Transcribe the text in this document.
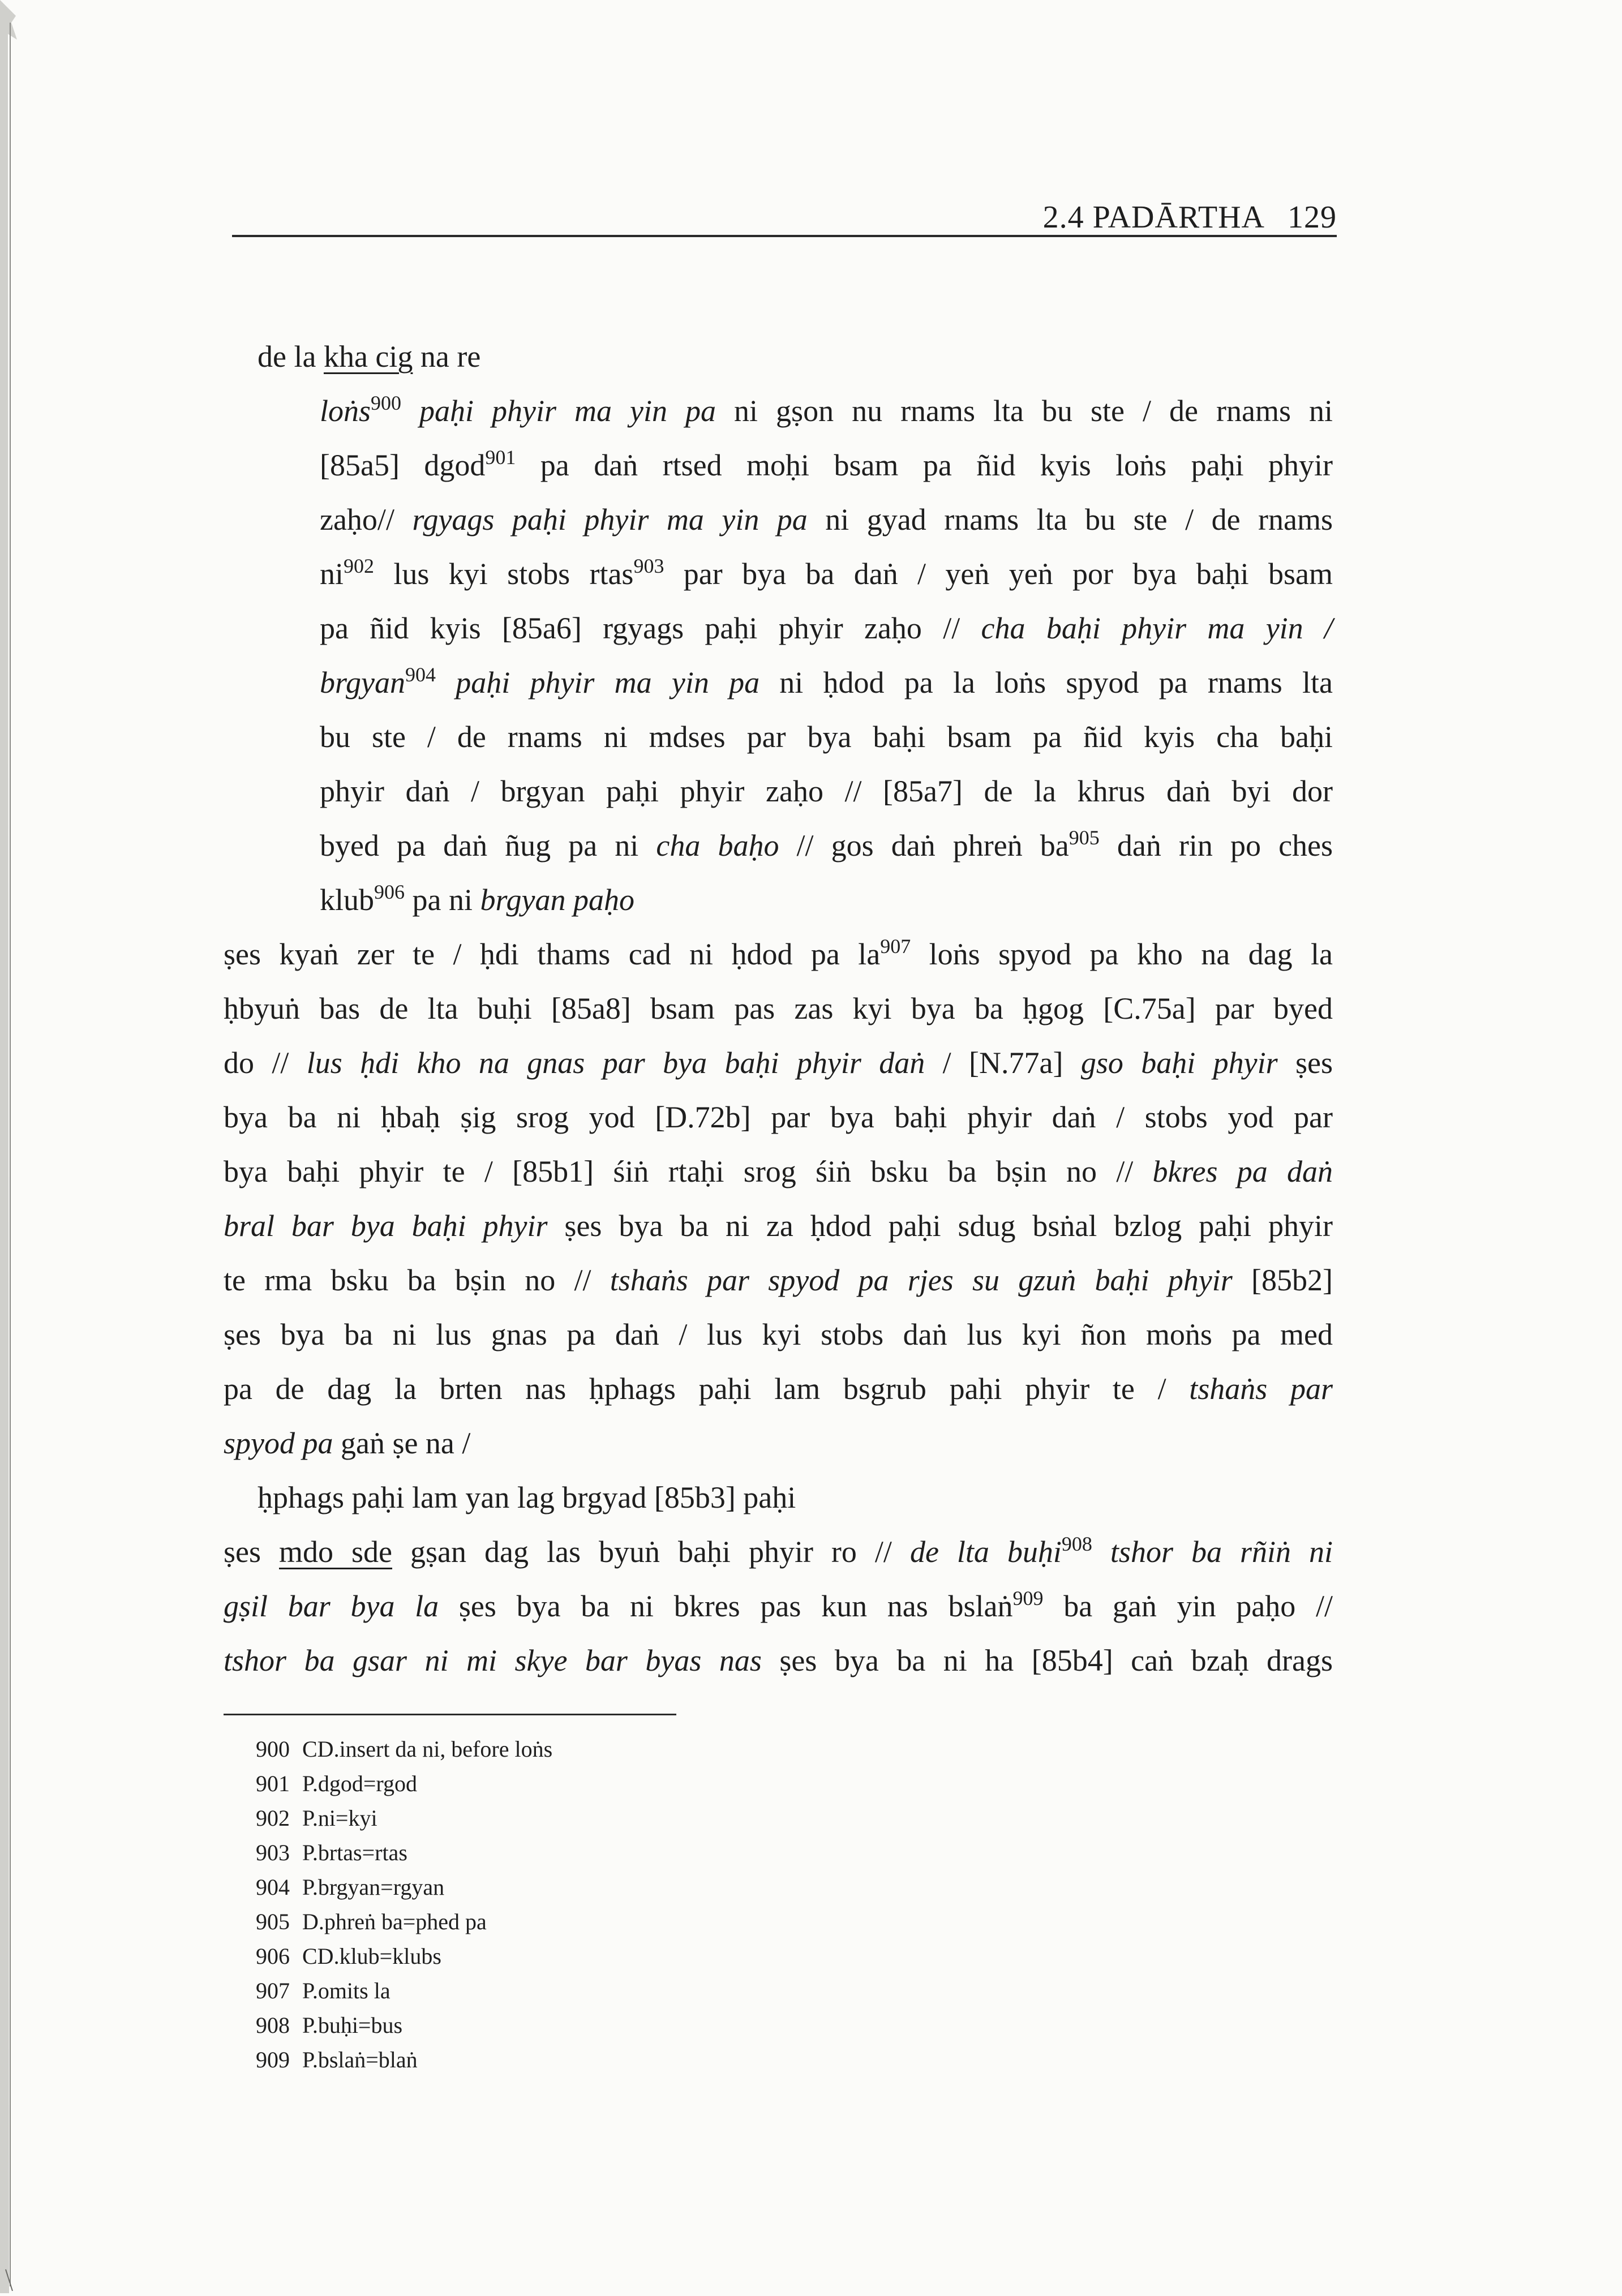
2.4 PADĀRTHA 129
de la kha cig na re
loṅs$^{900}$ paḥi phyir ma yin pa ni gṣon nu rnams lta bu ste / de rnams ni
[85a5] dgod$^{901}$ pa daṅ rtsed moḥi bsam pa ñid kyis loṅs paḥi phyir
zaḥo// rgyags paḥi phyir ma yin pa ni gyad rnams lta bu ste / de rnams
$ni^{902}$ lus kyi stobs rtas$^{903}$ par bya ba daṅ / yeṅ yeṅ por bya baḥi bsam
pa ñid kyis [85a6] rgyags paḥi phyir zaḥo // cha baḥi phyir ma yin /
brgyan$^{904}$ paḥi phyir ma yin pa ni ḥdod pa la loṅs spyod pa rnams lta
bu ste / de rnams ni mdses par bya baḥi bsam pa ñid kyis cha baḥi
phyir daṅ / brgyan paḥi phyir zaḥo // [85a7] de la khrus daṅ byi dor
byed pa daṅ ñug pa ni cha baḥo // gos daṅ phreṅ $ba^{905}$ daṅ rin po ches
klub$^{906}$ pa ni brgyan paḥo
ṣes kyaṅ zer te / ḥdi thams cad ni ḥdod pa $la^{907}$ loṅs spyod pa kho na dag la
ḥbyuṅ bas de lta buḥi [85a8] bsam pas zas kyi bya ba ḥgog [C.75a] par byed
do // lus ḥdi kho na gnas par bya baḥi phyir daṅ / [N.77a] gso baḥi phyir ṣes
bya ba ni ḥbaḥ ṣig srog yod [D.72b] par bya baḥi phyir daṅ / stobs yod par
bya baḥi phyir te / [85b1] śiṅ rtaḥi srog śiṅ bsku ba bṣin no // bkres pa daṅ
bral bar bya baḥi phyir ṣes bya ba ni za ḥdod paḥi sdug bsṅal bzlog paḥi phyir
te rma bsku ba bṣin no // tshaṅs par spyod pa rjes su gzuṅ baḥi phyir [85b2]
ṣes bya ba ni lus gnas pa daṅ / lus kyi stobs daṅ lus kyi ñon moṅs pa med
pa de dag la brten nas ḥphags paḥi lam bsgrub paḥi phyir te / tshaṅs par
spyod pa gaṅ ṣe na /
ḥphags paḥi lam yan lag brgyad [85b3] paḥi
ṣes mdo sde gṣan dag las byuṅ baḥi phyir ro // de lta buḥi$^{908}$ tshor ba rñiṅ ni
gṣil bar bya la ṣes bya ba ni bkres pas kun nas bslaṅ$^{909}$ ba gaṅ yin paḥo //
tshor ba gsar ni mi skye bar byas nas ṣes bya ba ni ha [85b4] caṅ bzaḥ drags
900 CD.insert da ni, before loṅs
901 P.dgod=rgod
902 P.ni=kyi
903 P.brtas=rtas
904 P.brgyan=rgyan
905 D.phreṅ ba=phed pa
906 CD.klub=klubs
907 P.omits la
908 P.buḥi=bus
909 P.bslaṅ=blaṅ
